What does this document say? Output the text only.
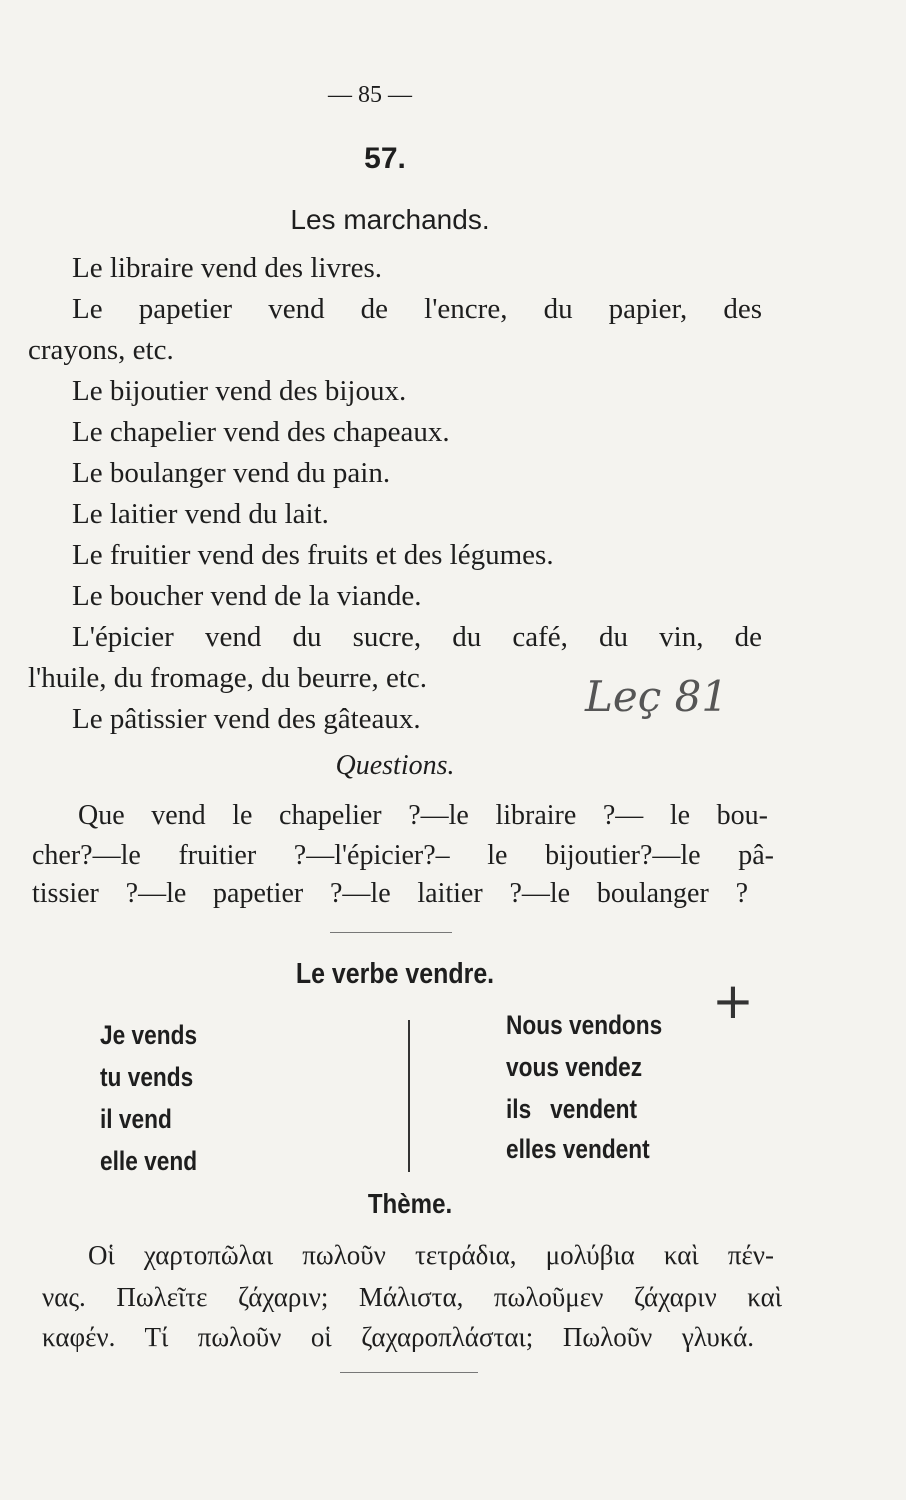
— 85 —
57.
Les marchands.
Le libraire vend des livres.
Le papetier vend de l'encre, du papier, des
crayons, etc.
Le bijoutier vend des bijoux.
Le chapelier vend des chapeaux.
Le boulanger vend du pain.
Le laitier vend du lait.
Le fruitier vend des fruits et des légumes.
Le boucher vend de la viande.
L'épicier vend du sucre, du café, du vin, de
l'huile, du fromage, du beurre, etc.
Le pâtissier vend des gâteaux.	Leç 81
Questions.
Que vend le chapelier ?—le libraire ?— le bou-
cher?—le fruitier ?—l'épicier?– le bijoutier?—le pâ-
tissier ?—le papetier ?—le laitier ?—le boulanger ?
Le verbe vendre.	+
Je vends
tu vends
il vend
elle vend
Nous vendons
vous vendez
ils   vendent
elles vendent
Thème.
Οἱ χαρτοπῶλαι πωλοῦν τετράδια, μολύβια καὶ πέν-
νας. Πωλεῖτε ζάχαριν; Μάλιστα, πωλοῦμεν ζάχαριν καὶ
καφέν. Τί πωλοῦν οἱ ζαχαροπλάσται; Πωλοῦν γλυκά.
